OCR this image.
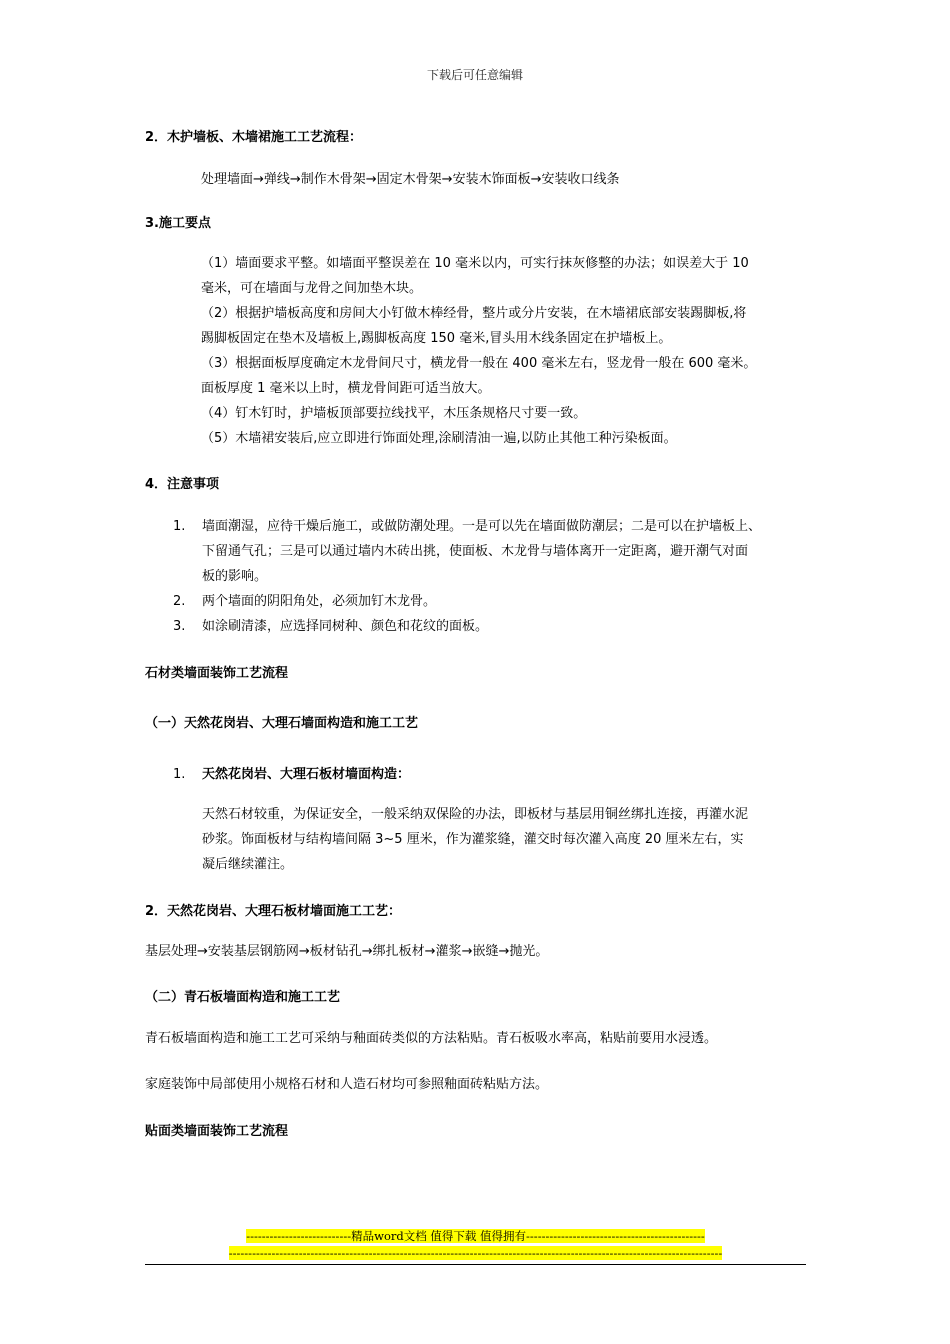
下载后可任意编辑

2．木护墙板、木墙裙施工工艺流程：

处理墙面→弹线→制作木骨架→固定木骨架→安装木饰面板→安装收口线条

3.施工要点

（1）墙面要求平整。如墙面平整误差在 10 毫米以内，可实行抹灰修整的办法；如误差大于 10

毫米，可在墙面与龙骨之间加垫木块。

（2）根据护墙板高度和房间大小钉做木棒经骨，整片或分片安装，在木墙裙底部安装踢脚板,将

踢脚板固定在垫木及墙板上,踢脚板高度 150 毫米,冒头用木线条固定在护墙板上。

（3）根据面板厚度确定木龙骨间尺寸，横龙骨一般在 400 毫米左右，竖龙骨一般在 600 毫米。

面板厚度 1 毫米以上时，横龙骨间距可适当放大。

（4）钉木钉时，护墙板顶部要拉线找平，木压条规格尺寸要一致。

（5）木墙裙安装后,应立即进行饰面处理,涂刷清油一遍,以防止其他工种污染板面。

4．注意事项

1. 墙面潮湿，应待干燥后施工，或做防潮处理。一是可以先在墙面做防潮层；二是可以在护墙板上、
下留通气孔；三是可以通过墙内木砖出挑，使面板、木龙骨与墙体离开一定距离，避开潮气对面
板的影响。
2. 两个墙面的阴阳角处，必须加钉木龙骨。
3. 如涂刷清漆，应选择同树种、颜色和花纹的面板。

石材类墙面装饰工艺流程

（一）天然花岗岩、大理石墙面构造和施工工艺

1. 天然花岗岩、大理石板材墙面构造：

天然石材较重，为保证安全，一般采纳双保险的办法，即板材与基层用铜丝绑扎连接，再灌水泥

砂浆。饰面板材与结构墙间隔 3~5 厘米，作为灌浆缝，灌交时每次灌入高度 20 厘米左右，实

凝后继续灌注。

2．天然花岗岩、大理石板材墙面施工工艺：

基层处理→安装基层钢筋网→板材钻孔→绑扎板材→灌浆→嵌缝→抛光。

（二）青石板墙面构造和施工工艺

青石板墙面构造和施工工艺可采纳与釉面砖类似的方法粘贴。青石板吸水率高，粘贴前要用水浸透。

家庭装饰中局部使用小规格石材和人造石材均可参照釉面砖粘贴方法。

贴面类墙面装饰工艺流程

---------------------------精品word文档 值得下载 值得拥有----------------------------------------------
-------------------------------------------------------------------------------------------------------------------------------
